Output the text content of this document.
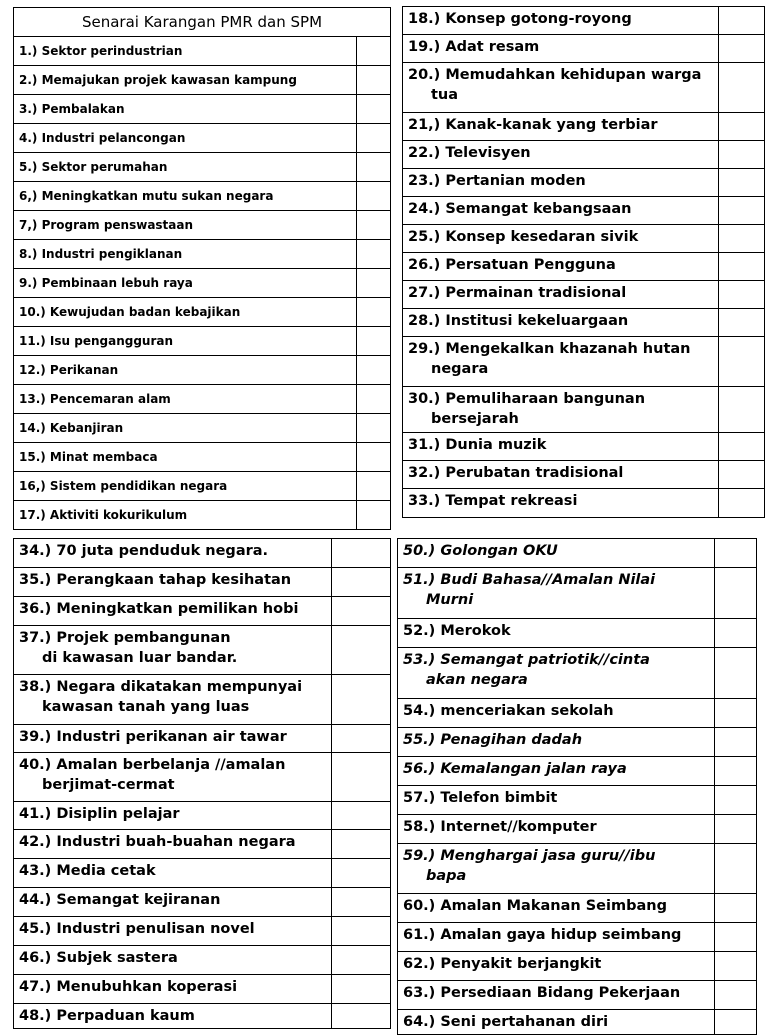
Senarai Karangan PMR dan SPM	
1.) Sektor perindustrian	
2.) Memajukan projek kawasan kampung	
3.) Pembalakan	
4.) Industri pelancongan	
5.) Sektor perumahan	
6,) Meningkatkan mutu sukan negara	
7,) Program penswastaan	
8.) Industri pengiklanan	
9.) Pembinaan lebuh raya	
10.) Kewujudan badan kebajikan	
11.) Isu pengangguran	
12.) Perikanan	
13.) Pencemaran alam	
14.) Kebanjiran	
15.) Minat membaca	
16,) Sistem pendidikan negara	
17.) Aktiviti kokurikulum	
18.) Konsep gotong-royong	

19.) Adat resam	

20.) Memudahkan kehidupan warga
tua	

21,) Kanak-kanak yang terbiar	

22.) Televisyen	

23.) Pertanian moden	

24.) Semangat kebangsaan	

25.) Konsep kesedaran sivik	

26.) Persatuan Pengguna	

27.) Permainan tradisional	

28.) Institusi kekeluargaan	

29.) Mengekalkan khazanah hutan
negara	

30.) Pemuliharaan bangunan
bersejarah	

31.) Dunia muzik	

32.) Perubatan tradisional	

33.) Tempat rekreasi	

34.) 70 juta penduduk negara.	

35.) Perangkaan tahap kesihatan	

36.) Meningkatkan pemilikan hobi	

37.) Projek pembangunan
di kawasan luar bandar.	

38.) Negara dikatakan mempunyai
kawasan tanah yang luas	

39.) Industri perikanan air tawar	

40.) Amalan berbelanja //amalan
berjimat-cermat	

41.) Disiplin pelajar	

42.) Industri buah-buahan negara	

43.) Media cetak	

44.) Semangat kejiranan	

45.) Industri penulisan novel	

46.) Subjek sastera	

47.) Menubuhkan koperasi	

48.) Perpaduan kaum	

50.) Golongan OKU	

51.) Budi Bahasa//Amalan Nilai
Murni	

52.) Merokok	

53.) Semangat patriotik//cinta
akan negara	

54.) menceriakan sekolah	

55.) Penagihan dadah	

56.) Kemalangan jalan raya	

57.) Telefon bimbit	

58.) Internet//komputer	

59.) Menghargai jasa guru//ibu
bapa	

60.) Amalan Makanan Seimbang	

61.) Amalan gaya hidup seimbang	

62.) Penyakit berjangkit	

63.) Persediaan Bidang Pekerjaan	

64.) Seni pertahanan diri	
